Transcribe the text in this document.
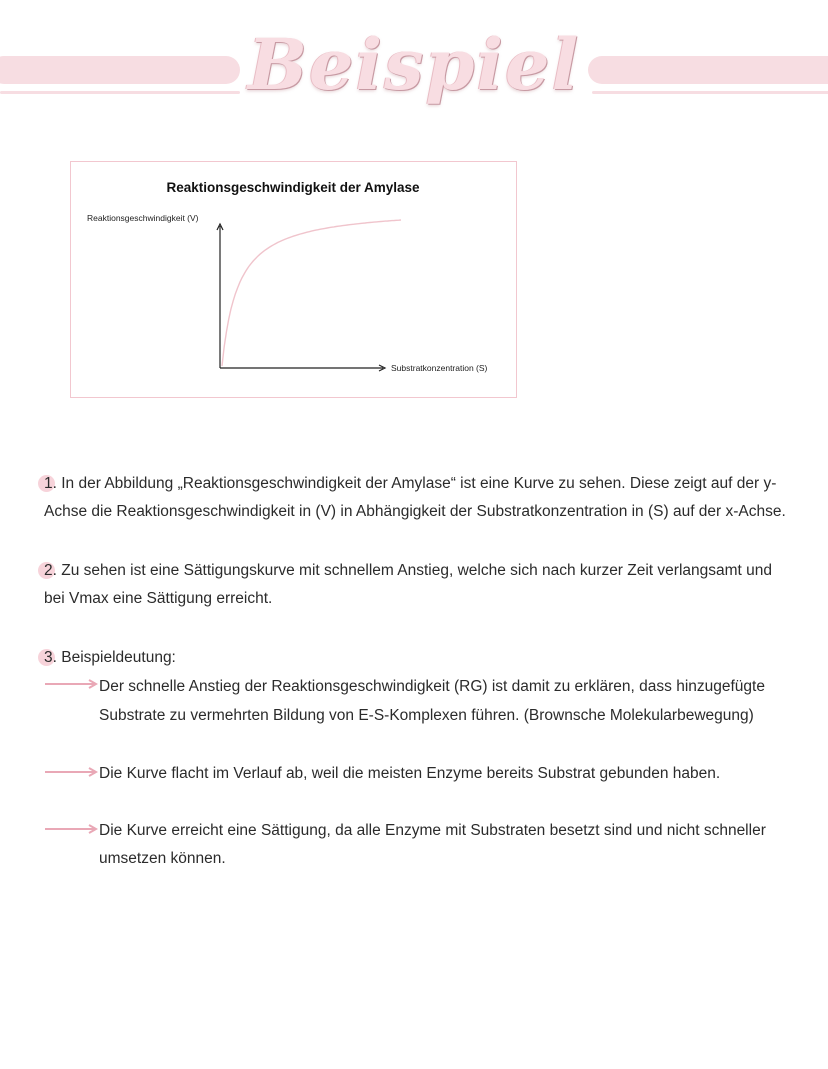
Beispiel
Reaktionsgeschwindigkeit der Amylase
Reaktionsgeschwindigkeit (V)
Substratkonzentration (S)

1. In der Abbildung „Reaktionsgeschwindigkeit der Amylase“ ist eine Kurve zu sehen. Diese zeigt auf der y-

Achse die Reaktionsgeschwindigkeit in (V) in Abhängigkeit der Substratkonzentration in (S) auf der x-Achse.

2. Zu sehen ist eine Sättigungskurve mit schnellem Anstieg, welche sich nach kurzer Zeit verlangsamt und

bei Vmax eine Sättigung erreicht.

3. Beispieldeutung:

Der schnelle Anstieg der Reaktionsgeschwindigkeit (RG) ist damit zu erklären, dass hinzugefügte

Substrate zu vermehrten Bildung von E-S-Komplexen führen. (Brownsche Molekularbewegung)

Die Kurve flacht im Verlauf ab, weil die meisten Enzyme bereits Substrat gebunden haben.

Die Kurve erreicht eine Sättigung, da alle Enzyme mit Substraten besetzt sind und nicht schneller

umsetzen können.
